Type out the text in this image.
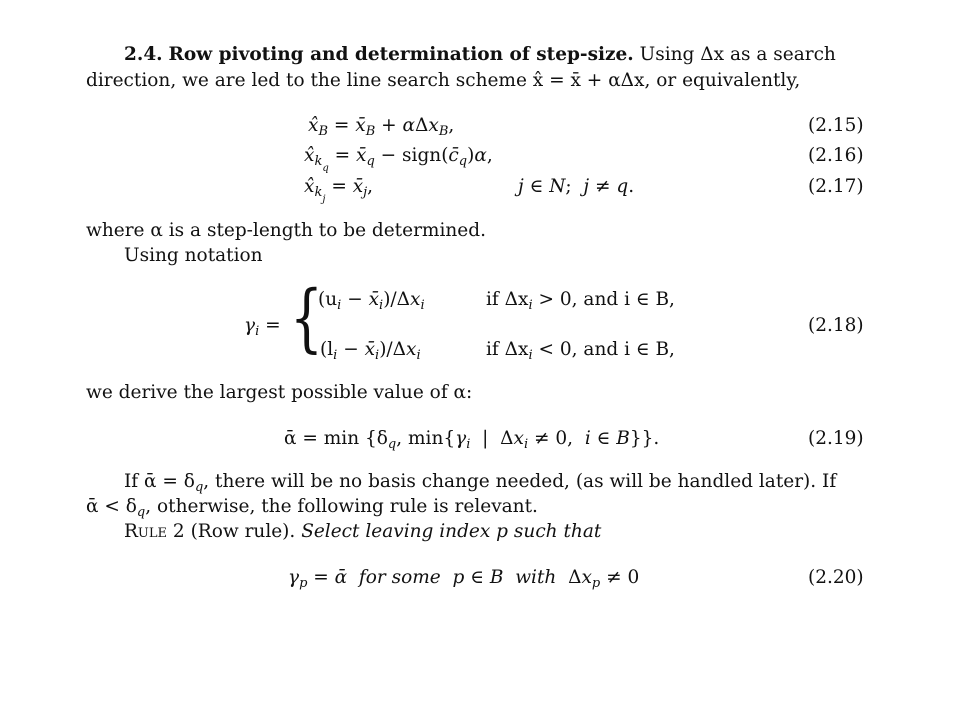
2.4. Row pivoting and determination of step-size. Using Δx as a search
direction, we are led to the line search scheme x̂ = x̄ + αΔx, or equivalently,
$x̂_B$ = $x̄_B + \alpha\Delta x_B$,	(2.15)
$x̂_{k_q}$ = $x̄_q$ − $sign(c̄_q)\alpha$,	(2.16)
$x̂_{k_j}$ = $x̄_j$,	j ∈ N;  j ≠ q.	(2.17)
where α is a step-length to be determined.
Using notation
$\gamma_i$ = {
($u_i$ − $x̄_i)/\Delta x_i$	if $\Delta x_i > 0$, and i ∈ B,
($l_i$ − $x̄_i)/\Delta x_i$	if $\Delta x_i < 0$, and i ∈ B,
(2.18)
we derive the largest possible value of α:
ᾱ = $\min \{\delta_q$, $\min\{\gamma_i$  |  $\Delta x_i \ne 0$,  i ∈ B}}.	(2.19)
If ᾱ = $\delta_q$, there will be no basis change needed, (as will be handled later). If
ᾱ < $\delta_q$, otherwise, the following rule is relevant.
Rule 2 (Row rule). Select leaving index p such that
$\gamma_p$ = ᾱ for some p ∈ B with  $\Delta x_p \ne 0$	(2.20)
